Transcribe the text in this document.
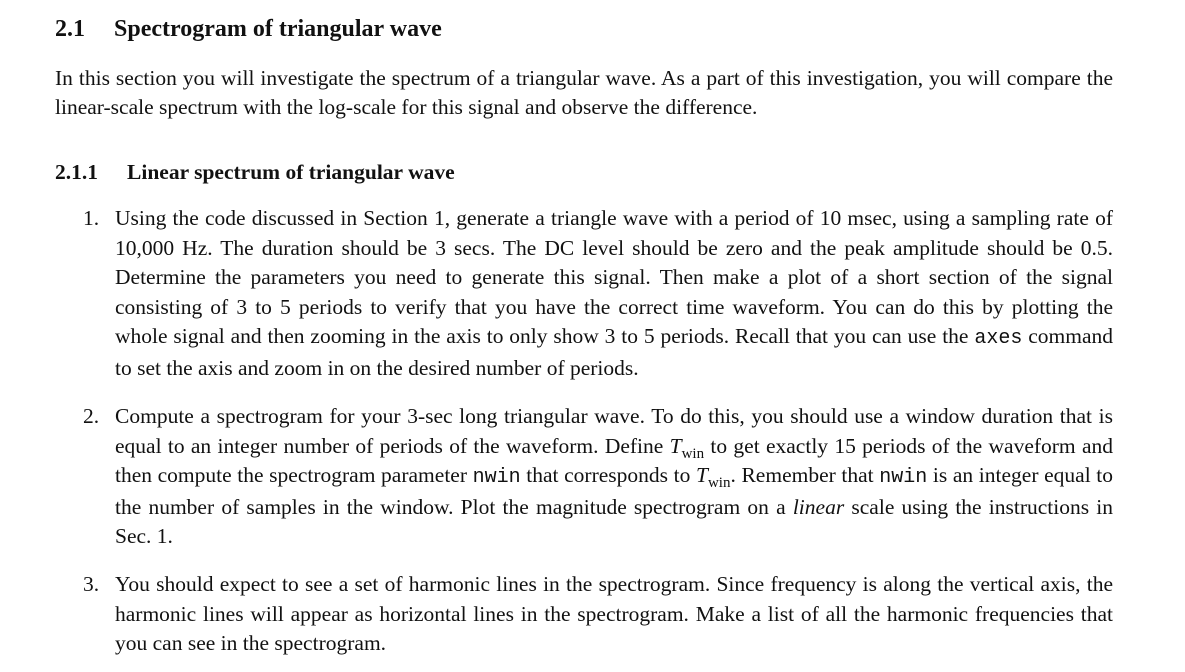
2.1 Spectrogram of triangular wave

In this section you will investigate the spectrum of a triangular wave. As a part of this investigation, you will compare the linear-scale spectrum with the log-scale for this signal and observe the difference.

2.1.1 Linear spectrum of triangular wave
1. Using the code discussed in Section 1, generate a triangle wave with a period of 10 msec, using a sampling rate of 10,000 Hz. The duration should be 3 secs. The DC level should be zero and the peak amplitude should be 0.5. Determine the parameters you need to generate this signal. Then make a plot of a short section of the signal consisting of 3 to 5 periods to verify that you have the correct time waveform. You can do this by plotting the whole signal and then zooming in the axis to only show 3 to 5 periods. Recall that you can use the axes command to set the axis and zoom in on the desired number of periods.
2. Compute a spectrogram for your 3-sec long triangular wave. To do this, you should use a window duration that is equal to an integer number of periods of the waveform. Define $T_{win}$ to get exactly 15 periods of the waveform and then compute the spectrogram parameter nwin that corresponds to $T_{win}$. Remember that nwin is an integer equal to the number of samples in the window. Plot the magnitude spectrogram on a linear scale using the instructions in Sec. 1.
3. You should expect to see a set of harmonic lines in the spectrogram. Since frequency is along the vertical axis, the harmonic lines will appear as horizontal lines in the spectrogram. Make a list of all the harmonic frequencies that you can see in the spectrogram.
